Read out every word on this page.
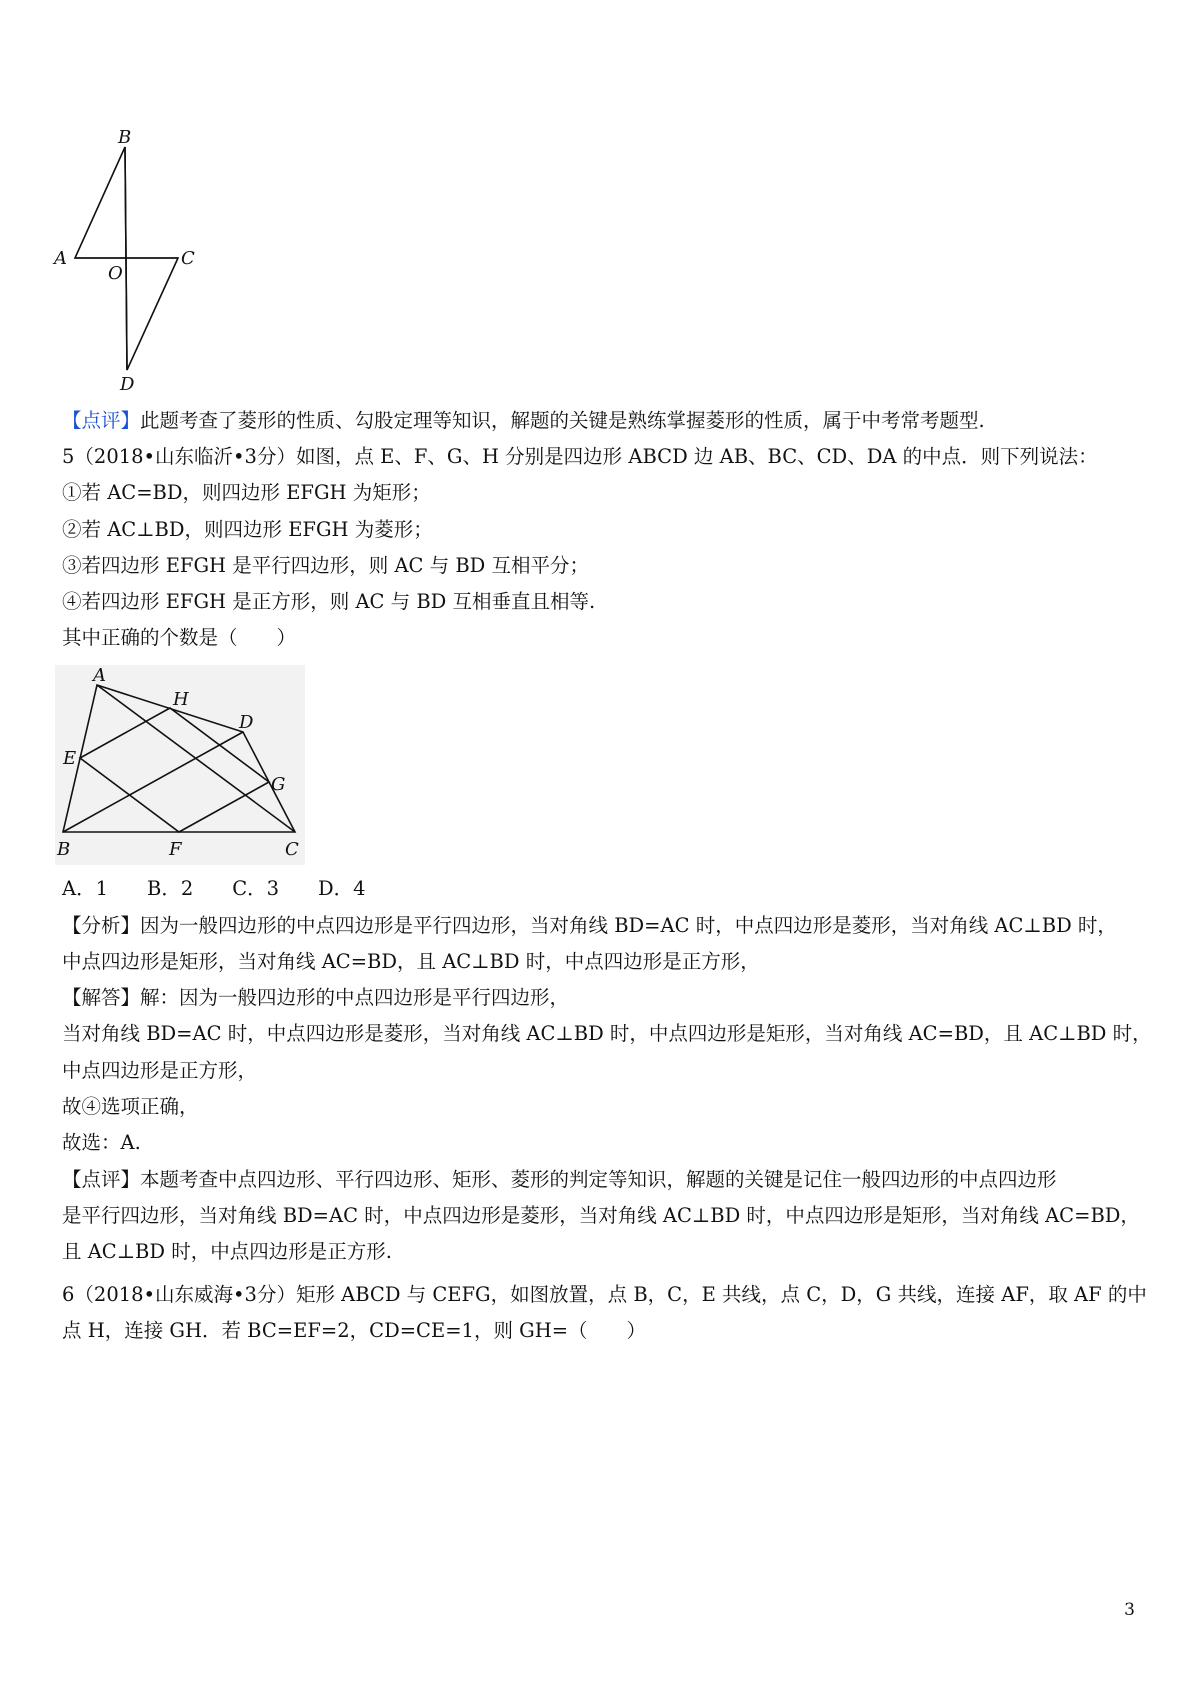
B
A
O
C
D
【点评】此题考查了菱形的性质、勾股定理等知识，解题的关键是熟练掌握菱形的性质，属于中考常考题型.
5（2018•山东临沂•3分）如图，点 E、F、G、H 分别是四边形 ABCD 边 AB、BC、CD、DA 的中点．则下列说法：
①若 AC=BD，则四边形 EFGH 为矩形；
②若 AC⊥BD，则四边形 EFGH 为菱形；
③若四边形 EFGH 是平行四边形，则 AC 与 BD 互相平分；
④若四边形 EFGH 是正方形，则 AC 与 BD 互相垂直且相等.
其中正确的个数是（　　）
A
H
D
E
G
B	F	C
A．1　　B．2　　C．3　　D．4
【分析】因为一般四边形的中点四边形是平行四边形，当对角线 BD=AC 时，中点四边形是菱形，当对角线 AC⊥BD 时，
中点四边形是矩形，当对角线 AC=BD，且 AC⊥BD 时，中点四边形是正方形，
【解答】解：因为一般四边形的中点四边形是平行四边形，
当对角线 BD=AC 时，中点四边形是菱形，当对角线 AC⊥BD 时，中点四边形是矩形，当对角线 AC=BD，且 AC⊥BD 时，
中点四边形是正方形，
故④选项正确，
故选：A.
【点评】本题考查中点四边形、平行四边形、矩形、菱形的判定等知识，解题的关键是记住一般四边形的中点四边形
是平行四边形，当对角线 BD=AC 时，中点四边形是菱形，当对角线 AC⊥BD 时，中点四边形是矩形，当对角线 AC=BD，
且 AC⊥BD 时，中点四边形是正方形.
6（2018•山东威海•3分）矩形 ABCD 与 CEFG，如图放置，点 B，C，E 共线，点 C，D，G 共线，连接 AF，取 AF 的中
点 H，连接 GH．若 BC=EF=2，CD=CE=1，则 GH=（　　）
3
